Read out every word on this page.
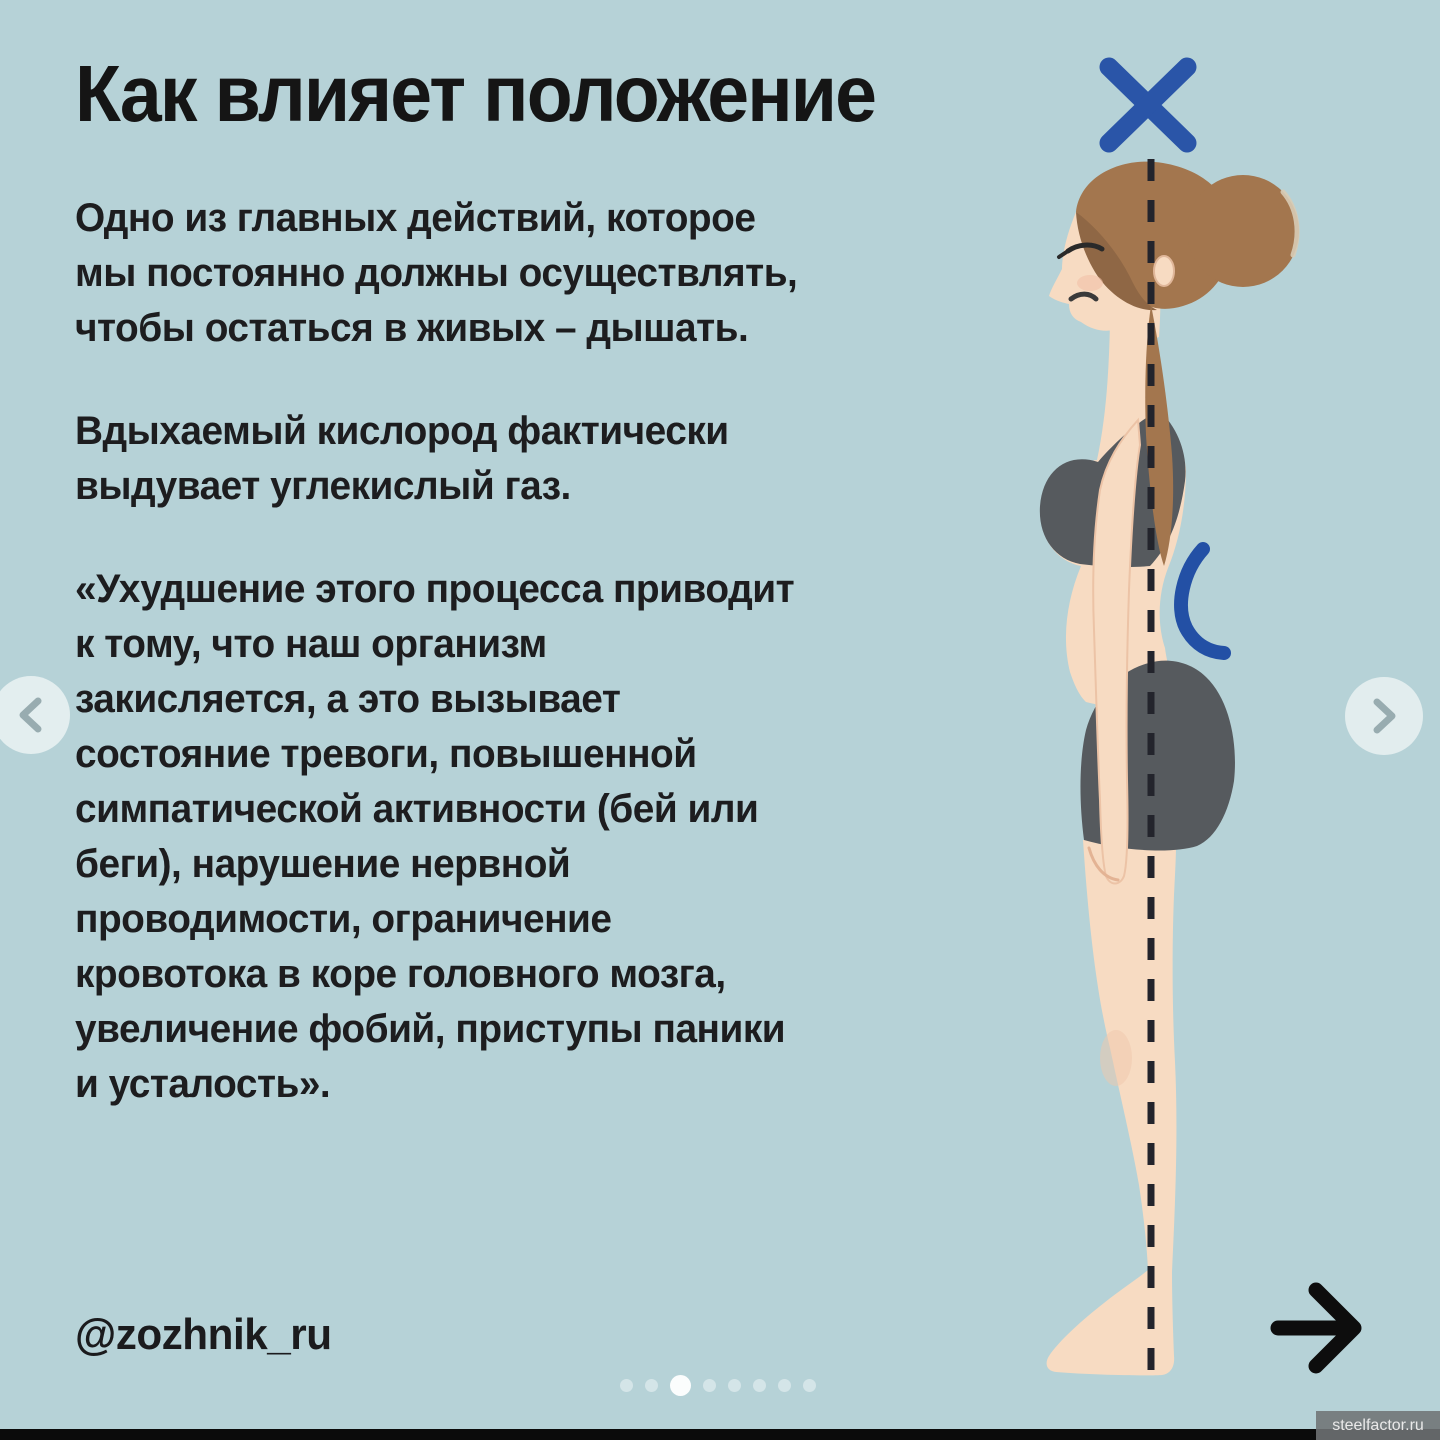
Как влияет положение
Одно из главных действий, которое
мы постоянно должны осуществлять,
чтобы остаться в живых – дышать.
Вдыхаемый кислород фактически
выдувает углекислый газ.
«Ухудшение этого процесса приводит
к тому, что наш организм
закисляется, а это вызывает
состояние тревоги, повышенной
симпатической активности (бей или
беги), нарушение нервной
проводимости, ограничение
кровотока в коре головного мозга,
увеличение фобий, приступы паники
и усталость».
@zozhnik_ru
steelfactor.ru
